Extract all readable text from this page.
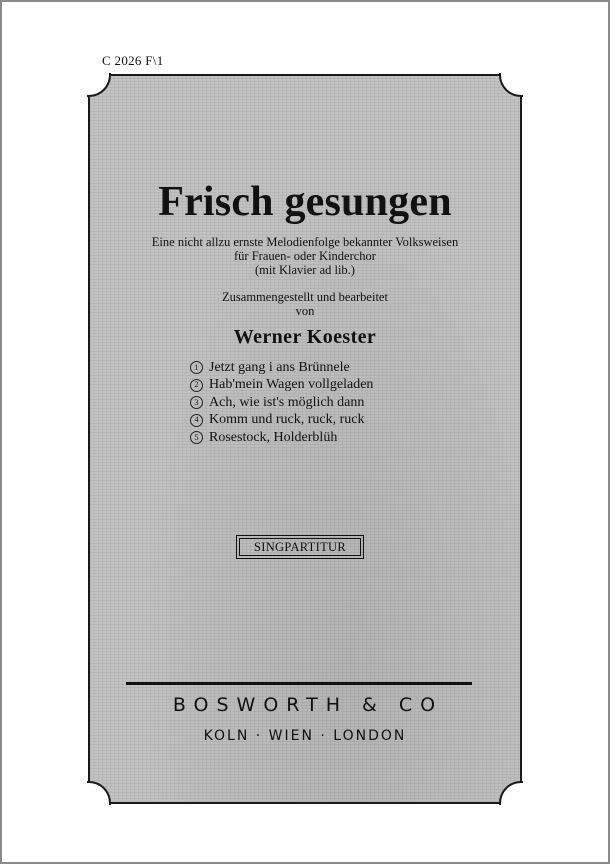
C 2026 F\1
Frisch gesungen
Eine nicht allzu ernste Melodienfolge bekannter Volksweisen
für Frauen- oder Kinderchor
(mit Klavier ad lib.)
Zusammengestellt und bearbeitet
von
Werner Koester
1 Jetzt gang i ans Brünnele
2 Hab'mein Wagen vollgeladen
3 Ach, wie ist's möglich dann
4 Komm und ruck, ruck, ruck
5 Rosestock, Holderblüh
SINGPARTITUR
BOSWORTH & CO
KOLN · WIEN · LONDON
